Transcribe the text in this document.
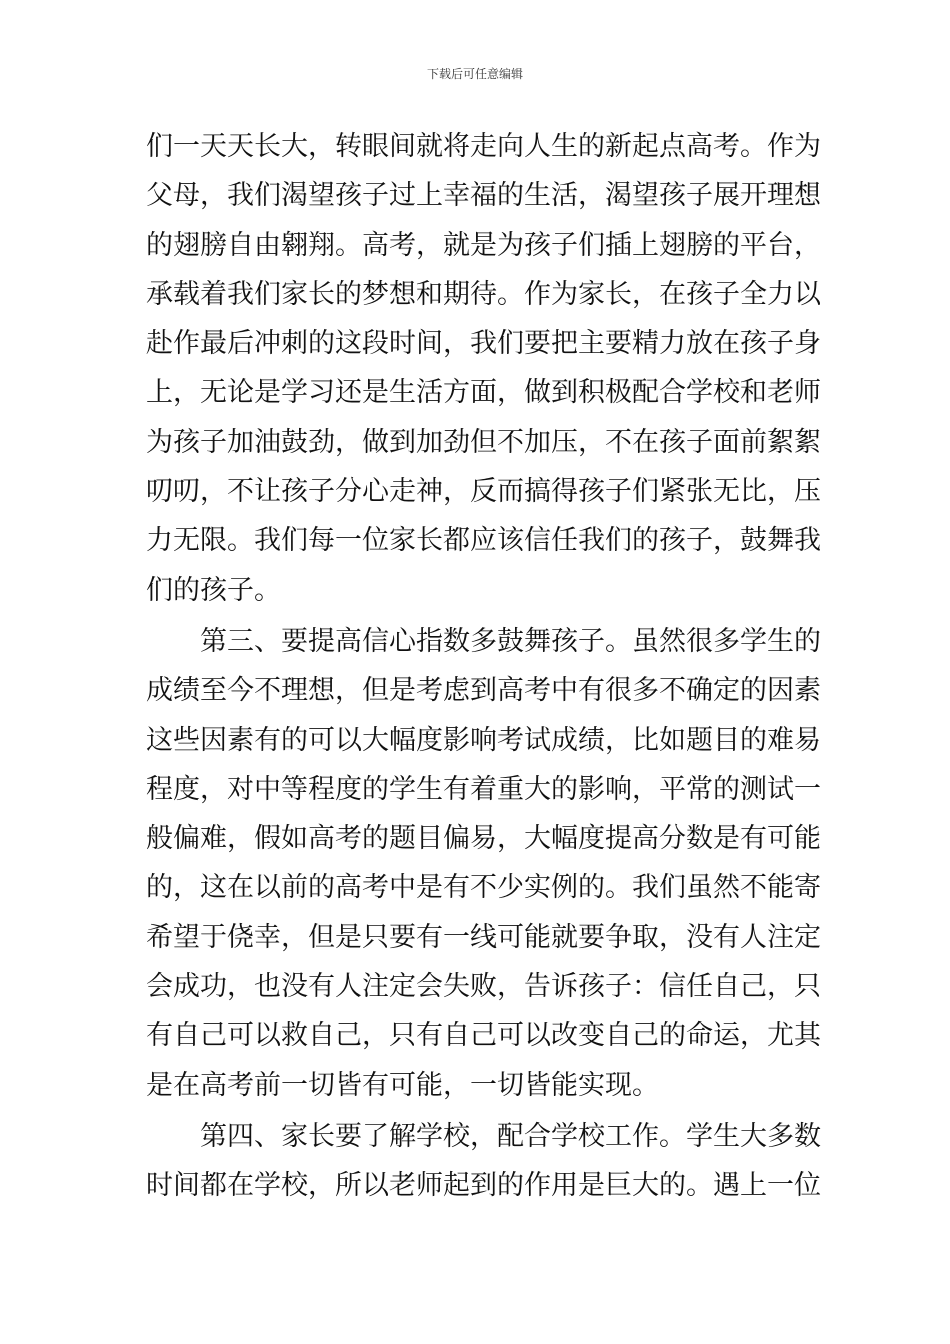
下载后可任意编辑
们一天天长大，转眼间就将走向人生的新起点高考。作为
父母，我们渴望孩子过上幸福的生活，渴望孩子展开理想
的翅膀自由翱翔。高考，就是为孩子们插上翅膀的平台，
承载着我们家长的梦想和期待。作为家长，在孩子全力以
赴作最后冲刺的这段时间，我们要把主要精力放在孩子身
上，无论是学习还是生活方面，做到积极配合学校和老师
为孩子加油鼓劲，做到加劲但不加压，不在孩子面前絮絮
叨叨，不让孩子分心走神，反而搞得孩子们紧张无比，压
力无限。我们每一位家长都应该信任我们的孩子，鼓舞我
们的孩子。
第三、要提高信心指数多鼓舞孩子。虽然很多学生的
成绩至今不理想，但是考虑到高考中有很多不确定的因素
这些因素有的可以大幅度影响考试成绩，比如题目的难易
程度，对中等程度的学生有着重大的影响，平常的测试一
般偏难，假如高考的题目偏易，大幅度提高分数是有可能
的，这在以前的高考中是有不少实例的。我们虽然不能寄
希望于侥幸，但是只要有一线可能就要争取，没有人注定
会成功，也没有人注定会失败，告诉孩子：信任自己，只
有自己可以救自己，只有自己可以改变自己的命运，尤其
是在高考前一切皆有可能，一切皆能实现。
第四、家长要了解学校，配合学校工作。学生大多数
时间都在学校，所以老师起到的作用是巨大的。遇上一位
